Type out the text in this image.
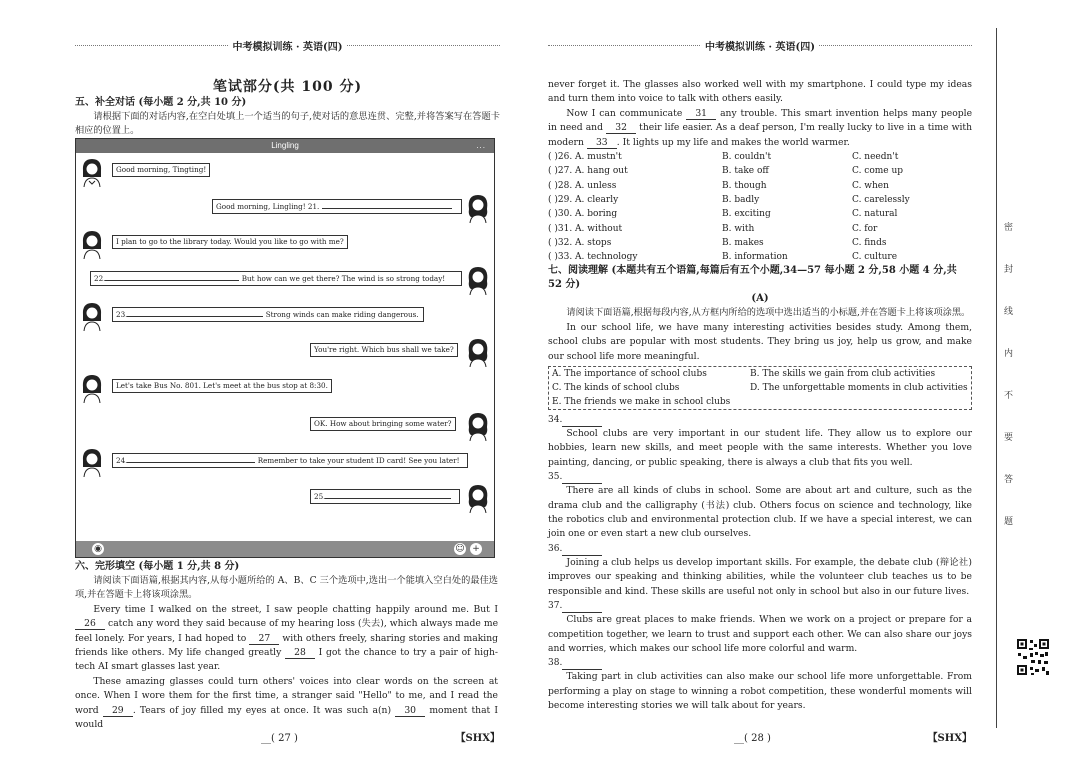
中考模拟训练 · 英语(四)
笔试部分(共 100 分)
五、补全对话 (每小题 2 分,共 10 分)
请根据下面的对话内容,在空白处填上一个适当的句子,使对话的意思连贯、完整,并将答案写在答题卡相应的位置上。
Lingling	...
Good morning, Tingting!
Good morning, Lingling! 21.
I plan to go to the library today. Would you like to go with me?
22.	But how can we get there? The wind is so strong today!
23.	Strong winds can make riding dangerous.
You're right. Which bus shall we take?
Let's take Bus No. 801. Let's meet at the bus stop at 8:30.
OK. How about bringing some water?
24.	Remember to take your student ID card! See you later!
25.
◉	☺ +
六、完形填空 (每小题 1 分,共 8 分)
请阅读下面语篇,根据其内容,从每小题所给的 A、B、C 三个选项中,选出一个能填入空白处的最佳选项,并在答题卡上将该项涂黑。
Every time I walked on the street, I saw people chatting happily around me. But I 26 catch any word they said because of my hearing loss (失去), which always made me feel lonely. For years, I had hoped to 27 with others freely, sharing stories and making friends like others. My life changed greatly 28 I got the chance to try a pair of high-tech AI smart glasses last year.
These amazing glasses could turn others' voices into clear words on the screen at once. When I wore them for the first time, a stranger said "Hello" to me, and I read the word 29 . Tears of joy filled my eyes at once. It was such a(n) 30 moment that I would
__( 27 )	【SHX】
中考模拟训练 · 英语(四)
never forget it. The glasses also worked well with my smartphone. I could type my ideas and turn them into voice to talk with others easily.
Now I can communicate 31 any trouble. This smart invention helps many people in need and 32 their life easier. As a deaf person, I'm really lucky to live in a time with modern 33 . It lights up my life and makes the world warmer.
( )26. A. mustn't	B. couldn't	C. needn't
( )27. A. hang out	B. take off	C. come up
( )28. A. unless	B. though	C. when
( )29. A. clearly	B. badly	C. carelessly
( )30. A. boring	B. exciting	C. natural
( )31. A. without	B. with	C. for
( )32. A. stops	B. makes	C. finds
( )33. A. technology	B. information	C. culture
七、阅读理解 (本题共有五个语篇,每篇后有五个小题,34—57 每小题 2 分,58 小题 4 分,共 52 分)
(A)
请阅读下面语篇,根据每段内容,从方框内所给的选项中选出适当的小标题,并在答题卡上将该项涂黑。
In our school life, we have many interesting activities besides study. Among them, school clubs are popular with most students. They bring us joy, help us grow, and make our school life more meaningful.
A. The importance of school clubs	B. The skills we gain from club activities
C. The kinds of school clubs	D. The unforgettable moments in club activities
E. The friends we make in school clubs
34.
School clubs are very important in our student life. They allow us to explore our hobbies, learn new skills, and meet people with the same interests. Whether you love painting, dancing, or public speaking, there is always a club that fits you well.
35.
There are all kinds of clubs in school. Some are about art and culture, such as the drama club and the calligraphy (书法) club. Others focus on science and technology, like the robotics club and environmental protection club. If we have a special interest, we can join one or even start a new club ourselves.
36.
Joining a club helps us develop important skills. For example, the debate club (辩论社) improves our speaking and thinking abilities, while the volunteer club teaches us to be responsible and kind. These skills are useful not only in school but also in our future lives.
37.
Clubs are great places to make friends. When we work on a project or prepare for a competition together, we learn to trust and support each other. We can also share our joys and worries, which makes our school life more colorful and warm.
38.
Taking part in club activities can also make our school life more unforgettable. From performing a play on stage to winning a robot competition, these wonderful moments will become interesting stories we will talk about for years.
__( 28 )	【SHX】
密
封
线
内
不
要
答
题
